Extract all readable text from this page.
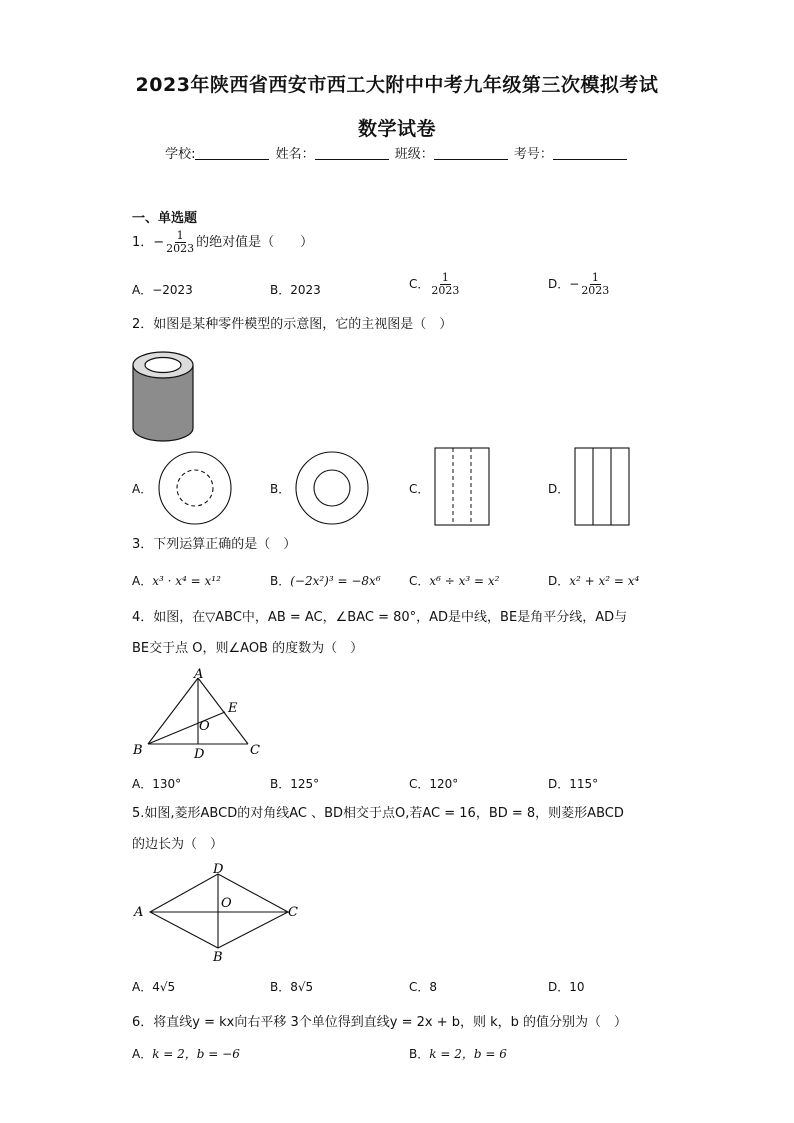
2023年陕西省西安市西工大附中中考九年级第三次模拟考试
数学试卷
学校:	姓名：	班级：	考号：
一、单选题
1．− $\frac{1}{2023}$ 的绝对值是（　　）
A．−2023	B．2023	C． $\frac{1}{2023}$	D．− $\frac{1}{2023}$
2．如图是某种零件模型的示意图，它的主视图是（　）
A．	B．	C．	D．
3．下列运算正确的是（　）
A．x³ · x⁴ = x¹²	B．(−2x²)³ = −8x⁶ C．x⁶ ÷ x³ = x²	D．x² + x² = x⁴
4．如图，在▽ABC中，AB = AC，∠BAC = 80°，AD是中线，BE是角平分线，AD与
BE交于点 O，则∠AOB 的度数为（　）
A
E
O
B	D	C
A．130°	B．125°	C．120°	D．115°
5.如图,菱形ABCD的对角线AC 、BD相交于点O,若AC = 16，BD = 8，则菱形ABCD
的边长为（　）
D
A
O
C
B
A．4√5	B．8√5	C．8	D．10
6．将直线y = kx向右平移 3个单位得到直线y = 2x + b，则 k，b 的值分别为（　）
A．k = 2，b = −6	B．k = 2，b = 6
